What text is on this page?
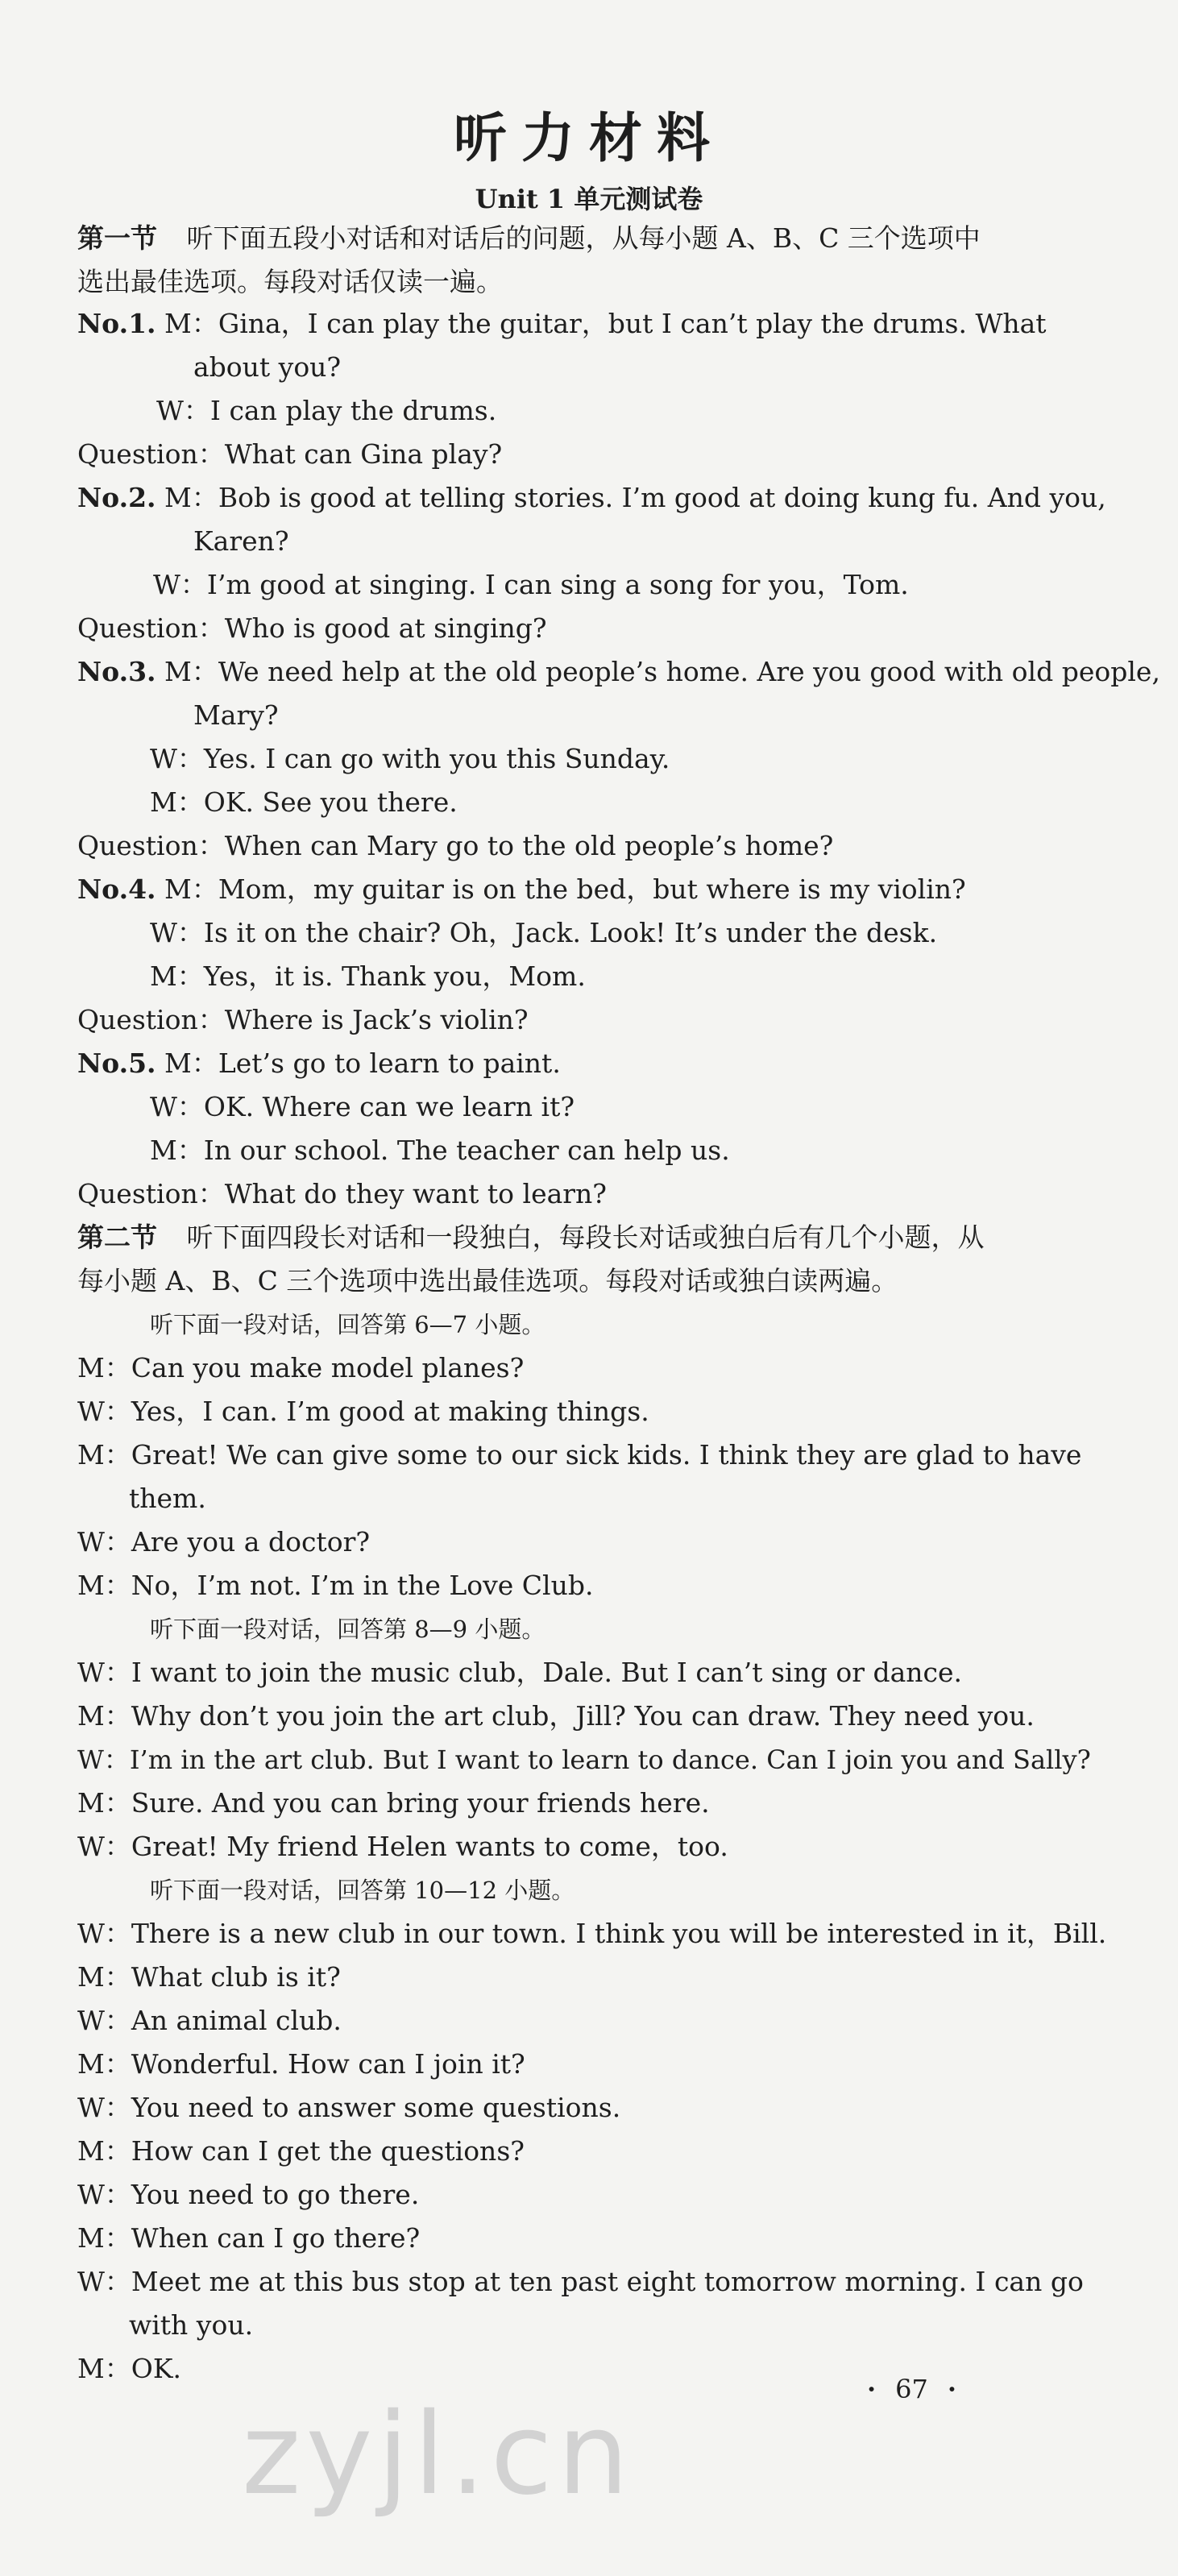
听力材料
Unit 1 单元测试卷
第一节 听下面五段小对话和对话后的问题，从每小题 A、B、C 三个选项中
选出最佳选项。每段对话仅读一遍。
No.1. M：Gina，I can play the guitar，but I can’t play the drums. What
about you?
W：I can play the drums.
Question：What can Gina play?
No.2. M：Bob is good at telling stories. I’m good at doing kung fu. And you,
Karen?
W：I’m good at singing. I can sing a song for you，Tom.
Question：Who is good at singing?
No.3. M：We need help at the old people’s home. Are you good with old people,
Mary?
W：Yes. I can go with you this Sunday.
M：OK. See you there.
Question：When can Mary go to the old people’s home?
No.4. M：Mom，my guitar is on the bed，but where is my violin?
W：Is it on the chair? Oh，Jack. Look! It’s under the desk.
M：Yes，it is. Thank you，Mom.
Question：Where is Jack’s violin?
No.5. M：Let’s go to learn to paint.
W：OK. Where can we learn it?
M：In our school. The teacher can help us.
Question：What do they want to learn?
第二节 听下面四段长对话和一段独白，每段长对话或独白后有几个小题，从
每小题 A、B、C 三个选项中选出最佳选项。每段对话或独白读两遍。
听下面一段对话，回答第 6—7 小题。
M：Can you make model planes?
W：Yes，I can. I’m good at making things.
M：Great! We can give some to our sick kids. I think they are glad to have
them.
W：Are you a doctor?
M：No，I’m not. I’m in the Love Club.
听下面一段对话，回答第 8—9 小题。
W：I want to join the music club，Dale. But I can’t sing or dance.
M：Why don’t you join the art club，Jill? You can draw. They need you.
W：I’m in the art club. But I want to learn to dance. Can I join you and Sally?
M：Sure. And you can bring your friends here.
W：Great! My friend Helen wants to come，too.
听下面一段对话，回答第 10—12 小题。
W：There is a new club in our town. I think you will be interested in it，Bill.
M：What club is it?
W：An animal club.
M：Wonderful. How can I join it?
W：You need to answer some questions.
M：How can I get the questions?
W：You need to go there.
M：When can I go there?
W：Meet me at this bus stop at ten past eight tomorrow morning. I can go
with you.
M：OK.
zyjl.cn	· 67 ·
